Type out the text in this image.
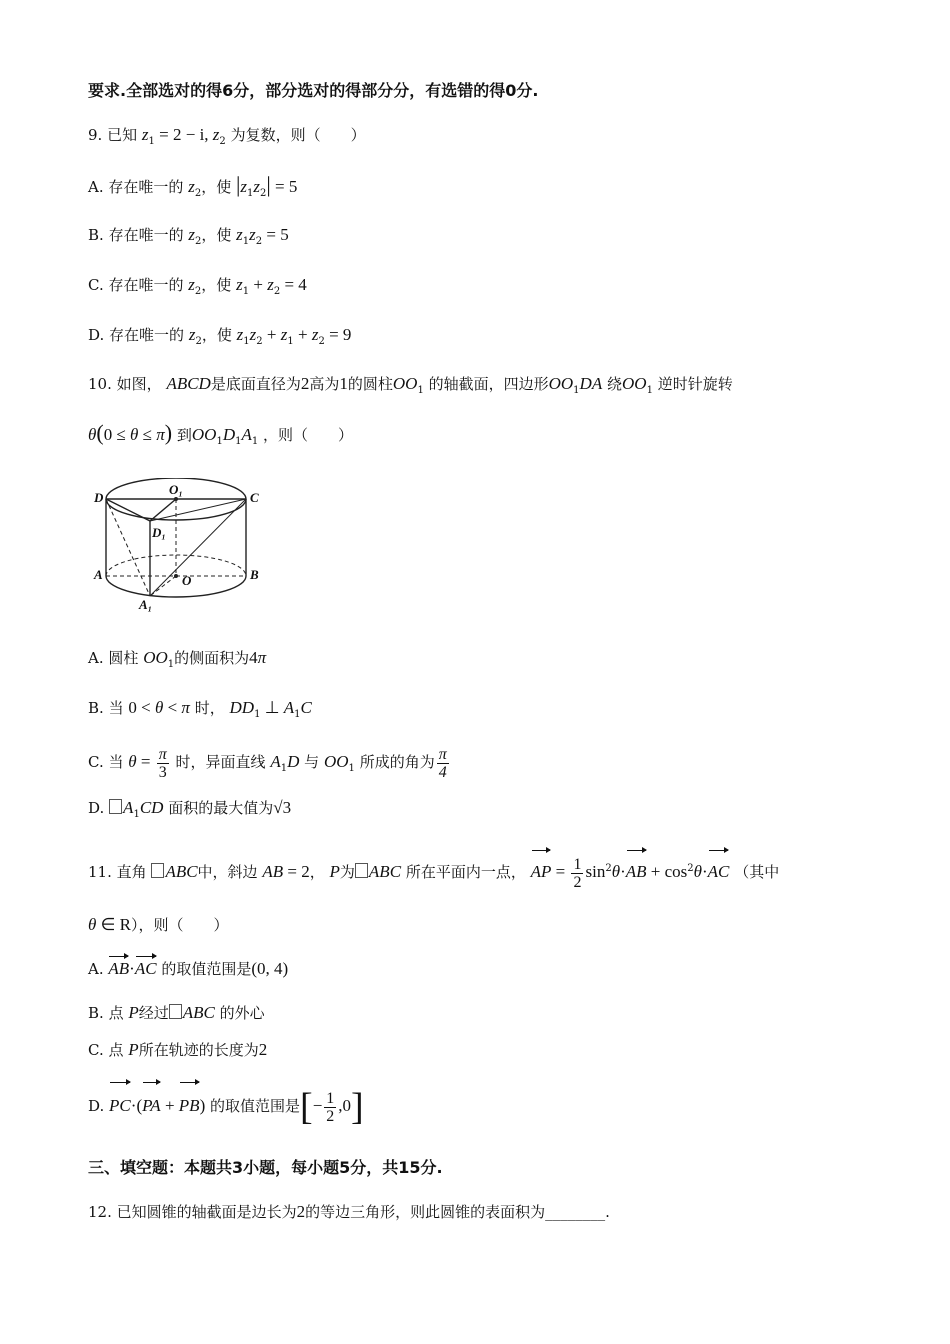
要求.全部选对的得6分，部分选对的得部分分，有选错的得0分.
9. 已知 $z_1 = 2 - i$, $z_2$ 为复数，则（　　）
A. 存在唯一的 $z_2$，使 $|z_1z_2| = 5$
B. 存在唯一的 $z_2$，使 $z_1z_2 = 5$
C. 存在唯一的 $z_2$，使 $z_1 + z_2 = 4$
D. 存在唯一的 $z_2$，使 $z_1z_2 + z_1 + z_2 = 9$
10. 如图， ABCD是底面直径为2高为1的圆柱$OO_1$ 的轴截面，四边形$OO_1DA$ 绕$OO_1$ 逆时针旋转
θ(0 ≤ θ ≤ π) 到$OO_1D_1A_1$ ，则（　　）
D
O₁
C
D₁
A	B
O
A₁
A. 圆柱 $OO_1$的侧面积为4π
B. 当 0 < θ < π 时， $DD_1$ ⊥ $A_1C$
C. 当 $\theta = \frac{\pi}{3}$ 时，异面直线 $A_1D$ 与 $OO_1$ 所成的角为 $\frac{\pi}{4}$
D. $A_1CD$ 面积的最大值为√3
11. 直角 ABC中，斜边 AB = 2， P为 ABC 所在平面内一点， AP = $\frac{1}{2} \sin^2\theta\cdot AB + \cos^2\theta\cdot AC$ （其中
θ ∈ R），则（　　）
A. AB·AC 的取值范围是(0, 4)
B. 点 P经过 ABC 的外心
C. 点 P所在轨迹的长度为2
D. PC·(PA + PB) 的取值范围是[− $\frac{1}{2} ,0$]
三、填空题：本题共3小题，每小题5分，共15分.
12. 已知圆锥的轴截面是边长为2的等边三角形，则此圆锥的表面积为________.
